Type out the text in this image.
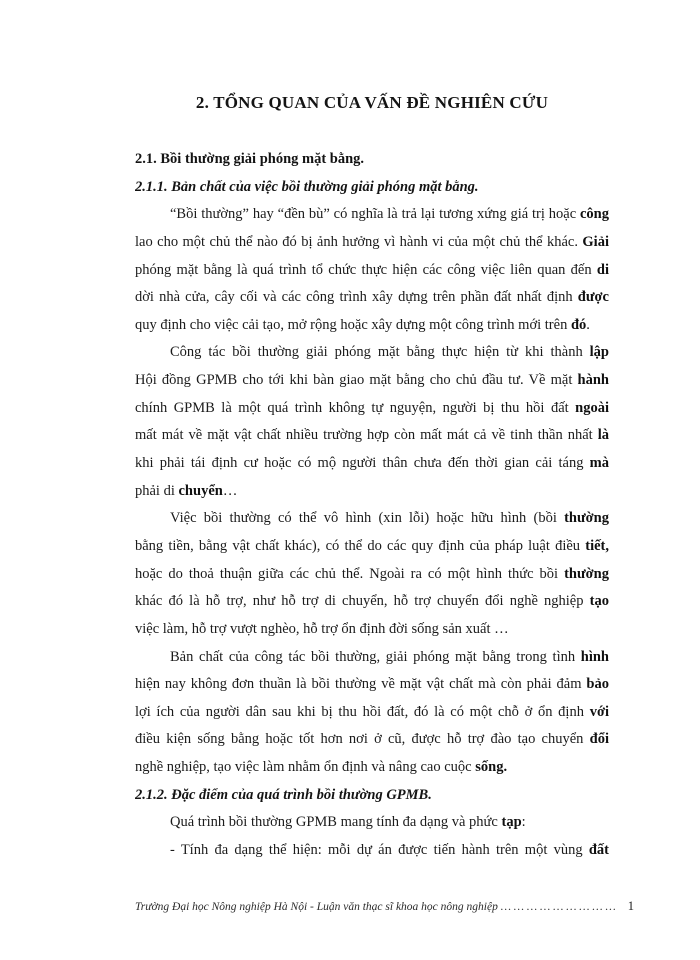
2. TỔNG QUAN CỦA VẤN ĐỀ NGHIÊN CỨU
2.1. Bồi thường giải phóng mặt bằng.
2.1.1. Bản chất của việc bồi thường giải phóng mặt bằng.
“Bồi thường” hay “đền bù” có nghĩa là trả lại tương xứng giá trị hoặc công
lao cho một chủ thể nào đó bị ảnh hưởng vì hành vi của một chủ thể khác. Giải
phóng mặt bằng là quá trình tổ chức thực hiện các công việc liên quan đến di
dời nhà cửa, cây cối và các công trình xây dựng trên phần đất nhất định được
quy định cho việc cải tạo, mở rộng hoặc xây dựng một công trình mới trên đó.
Công tác bồi thường giải phóng mặt bằng thực hiện từ khi thành lập
Hội đồng GPMB cho tới khi bàn giao mặt bằng cho chủ đầu tư. Về mặt hành
chính GPMB là một quá trình không tự nguyện, người bị thu hồi đất ngoài
mất mát về mặt vật chất nhiều trường hợp còn mất mát cả về tinh thần nhất là
khi phải tái định cư hoặc có mộ người thân chưa đến thời gian cải táng mà
phải di chuyển…
Việc bồi thường có thể vô hình (xin lỗi) hoặc hữu hình (bồi thường
bằng tiền, bằng vật chất khác), có thể do các quy định của pháp luật điều tiết,
hoặc do thoả thuận giữa các chủ thể. Ngoài ra có một hình thức bồi thường
khác đó là hỗ trợ, như hỗ trợ di chuyển, hỗ trợ chuyển đổi nghề nghiệp tạo
việc làm, hỗ trợ vượt nghèo, hỗ trợ ổn định đời sống sản xuất …
Bản chất của công tác bồi thường, giải phóng mặt bằng trong tình hình
hiện nay không đơn thuần là bồi thường về mặt vật chất mà còn phải đảm bảo
lợi ích của người dân sau khi bị thu hồi đất, đó là có một chỗ ở ổn định với
điều kiện sống bằng hoặc tốt hơn nơi ở cũ, được hỗ trợ đào tạo chuyển đổi
nghề nghiệp, tạo việc làm nhằm ổn định và nâng cao cuộc sống.
2.1.2. Đặc điểm của quá trình bồi thường GPMB.
Quá trình bồi thường GPMB mang tính đa dạng và phức tạp:
- Tính đa dạng thể hiện: mỗi dự án được tiến hành trên một vùng đất
Trường Đại học Nông nghiệp Hà Nội - Luận văn thạc sĩ khoa học nông nghiệp … … … … … … … … … 1
